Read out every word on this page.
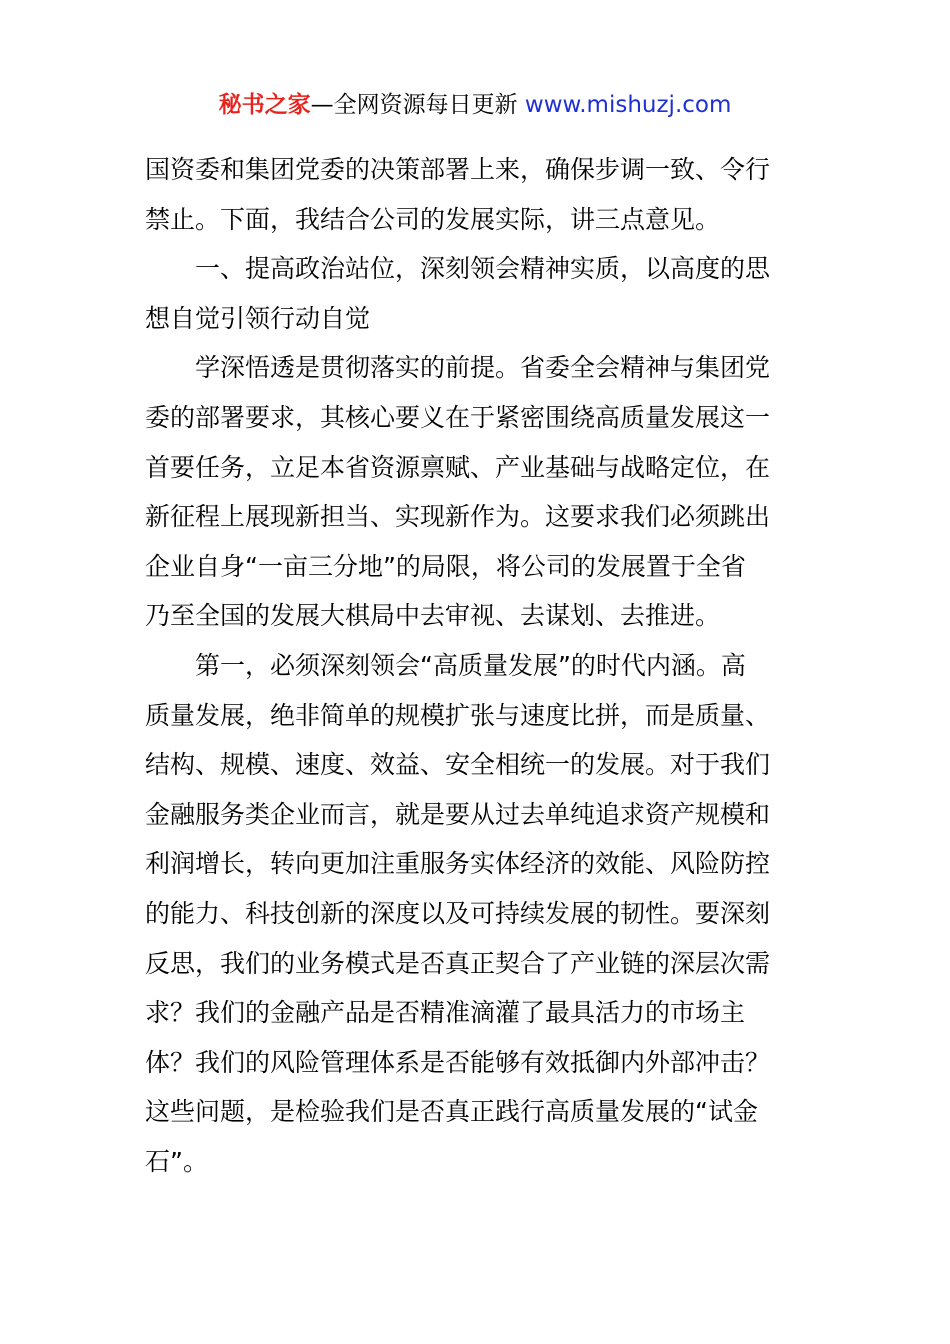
秘书之家—全网资源每日更新 www.mishuzj.com
国资委和集团党委的决策部署上来，确保步调一致、令行
禁止。下面，我结合公司的发展实际，讲三点意见。
一、提高政治站位，深刻领会精神实质，以高度的思
想自觉引领行动自觉
学深悟透是贯彻落实的前提。省委全会精神与集团党
委的部署要求，其核心要义在于紧密围绕高质量发展这一
首要任务，立足本省资源禀赋、产业基础与战略定位，在
新征程上展现新担当、实现新作为。这要求我们必须跳出
企业自身“一亩三分地”的局限，将公司的发展置于全省
乃至全国的发展大棋局中去审视、去谋划、去推进。
第一，必须深刻领会“高质量发展”的时代内涵。高
质量发展，绝非简单的规模扩张与速度比拼，而是质量、
结构、规模、速度、效益、安全相统一的发展。对于我们
金融服务类企业而言，就是要从过去单纯追求资产规模和
利润增长，转向更加注重服务实体经济的效能、风险防控
的能力、科技创新的深度以及可持续发展的韧性。要深刻
反思，我们的业务模式是否真正契合了产业链的深层次需
求？我们的金融产品是否精准滴灌了最具活力的市场主
体？我们的风险管理体系是否能够有效抵御内外部冲击？
这些问题，是检验我们是否真正践行高质量发展的“试金
石”。
